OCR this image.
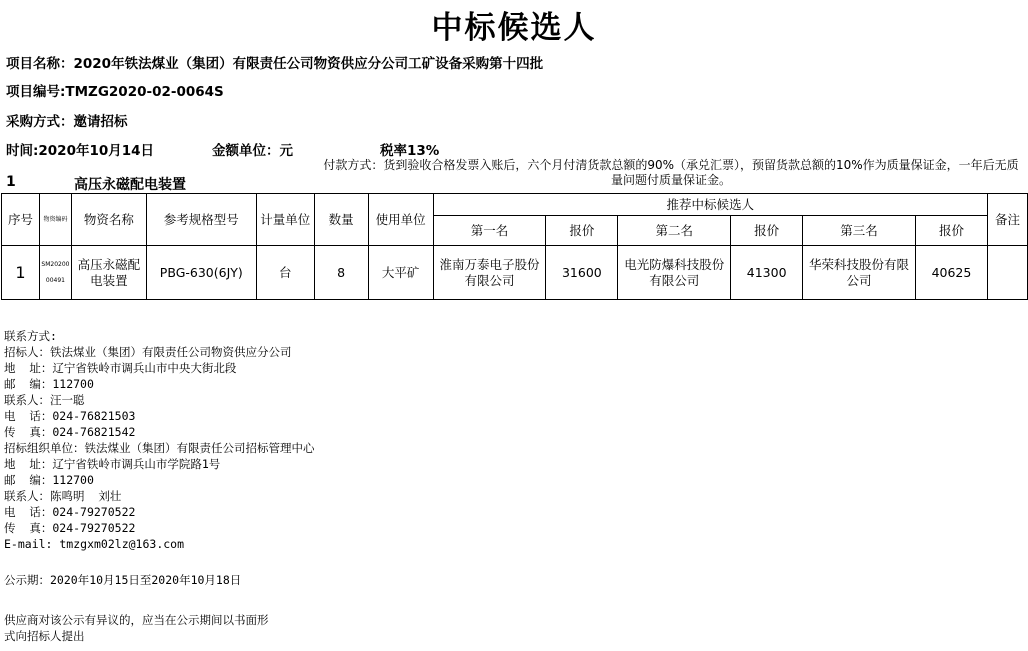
中标候选人
项目名称：2020年铁法煤业（集团）有限责任公司物资供应分公司工矿设备采购第十四批
项目编号:TMZG2020-02-0064S
采购方式：邀请招标
时间:2020年10月14日	金额单位：元	税率13%
付款方式：货到验收合格发票入账后，六个月付清货款总额的90%（承兑汇票），预留货款总额的10%作为质量保证金，一年后无质量问题付质量保证金。
1	高压永磁配电装置
序号	物资编码	物资名称	参考规格型号	计量单位	数量	使用单位	推荐中标候选人						备注
							第一名	报价	第二名	报价	第三名	报价	
1	SM2020000491	高压永磁配电装置	PBG-630(6JY)	台	8	大平矿	淮南万泰电子股份有限公司	31600	电光防爆科技股份有限公司	41300	华荣科技股份有限公司	40625	
联系方式:
招标人：铁法煤业（集团）有限责任公司物资供应分公司
地  址：辽宁省铁岭市调兵山市中央大街北段
邮  编：112700
联系人：汪一聪
电  话：024-76821503
传  真：024-76821542
招标组织单位：铁法煤业（集团）有限责任公司招标管理中心
地  址：辽宁省铁岭市调兵山市学院路1号
邮  编：112700
联系人：陈鸣明  刘壮
电  话：024-79270522
传  真：024-79270522
E-mail: tmzgxm02lz@163.com
公示期：2020年10月15日至2020年10月18日
供应商对该公示有异议的，应当在公示期间以书面形
式向招标人提出
